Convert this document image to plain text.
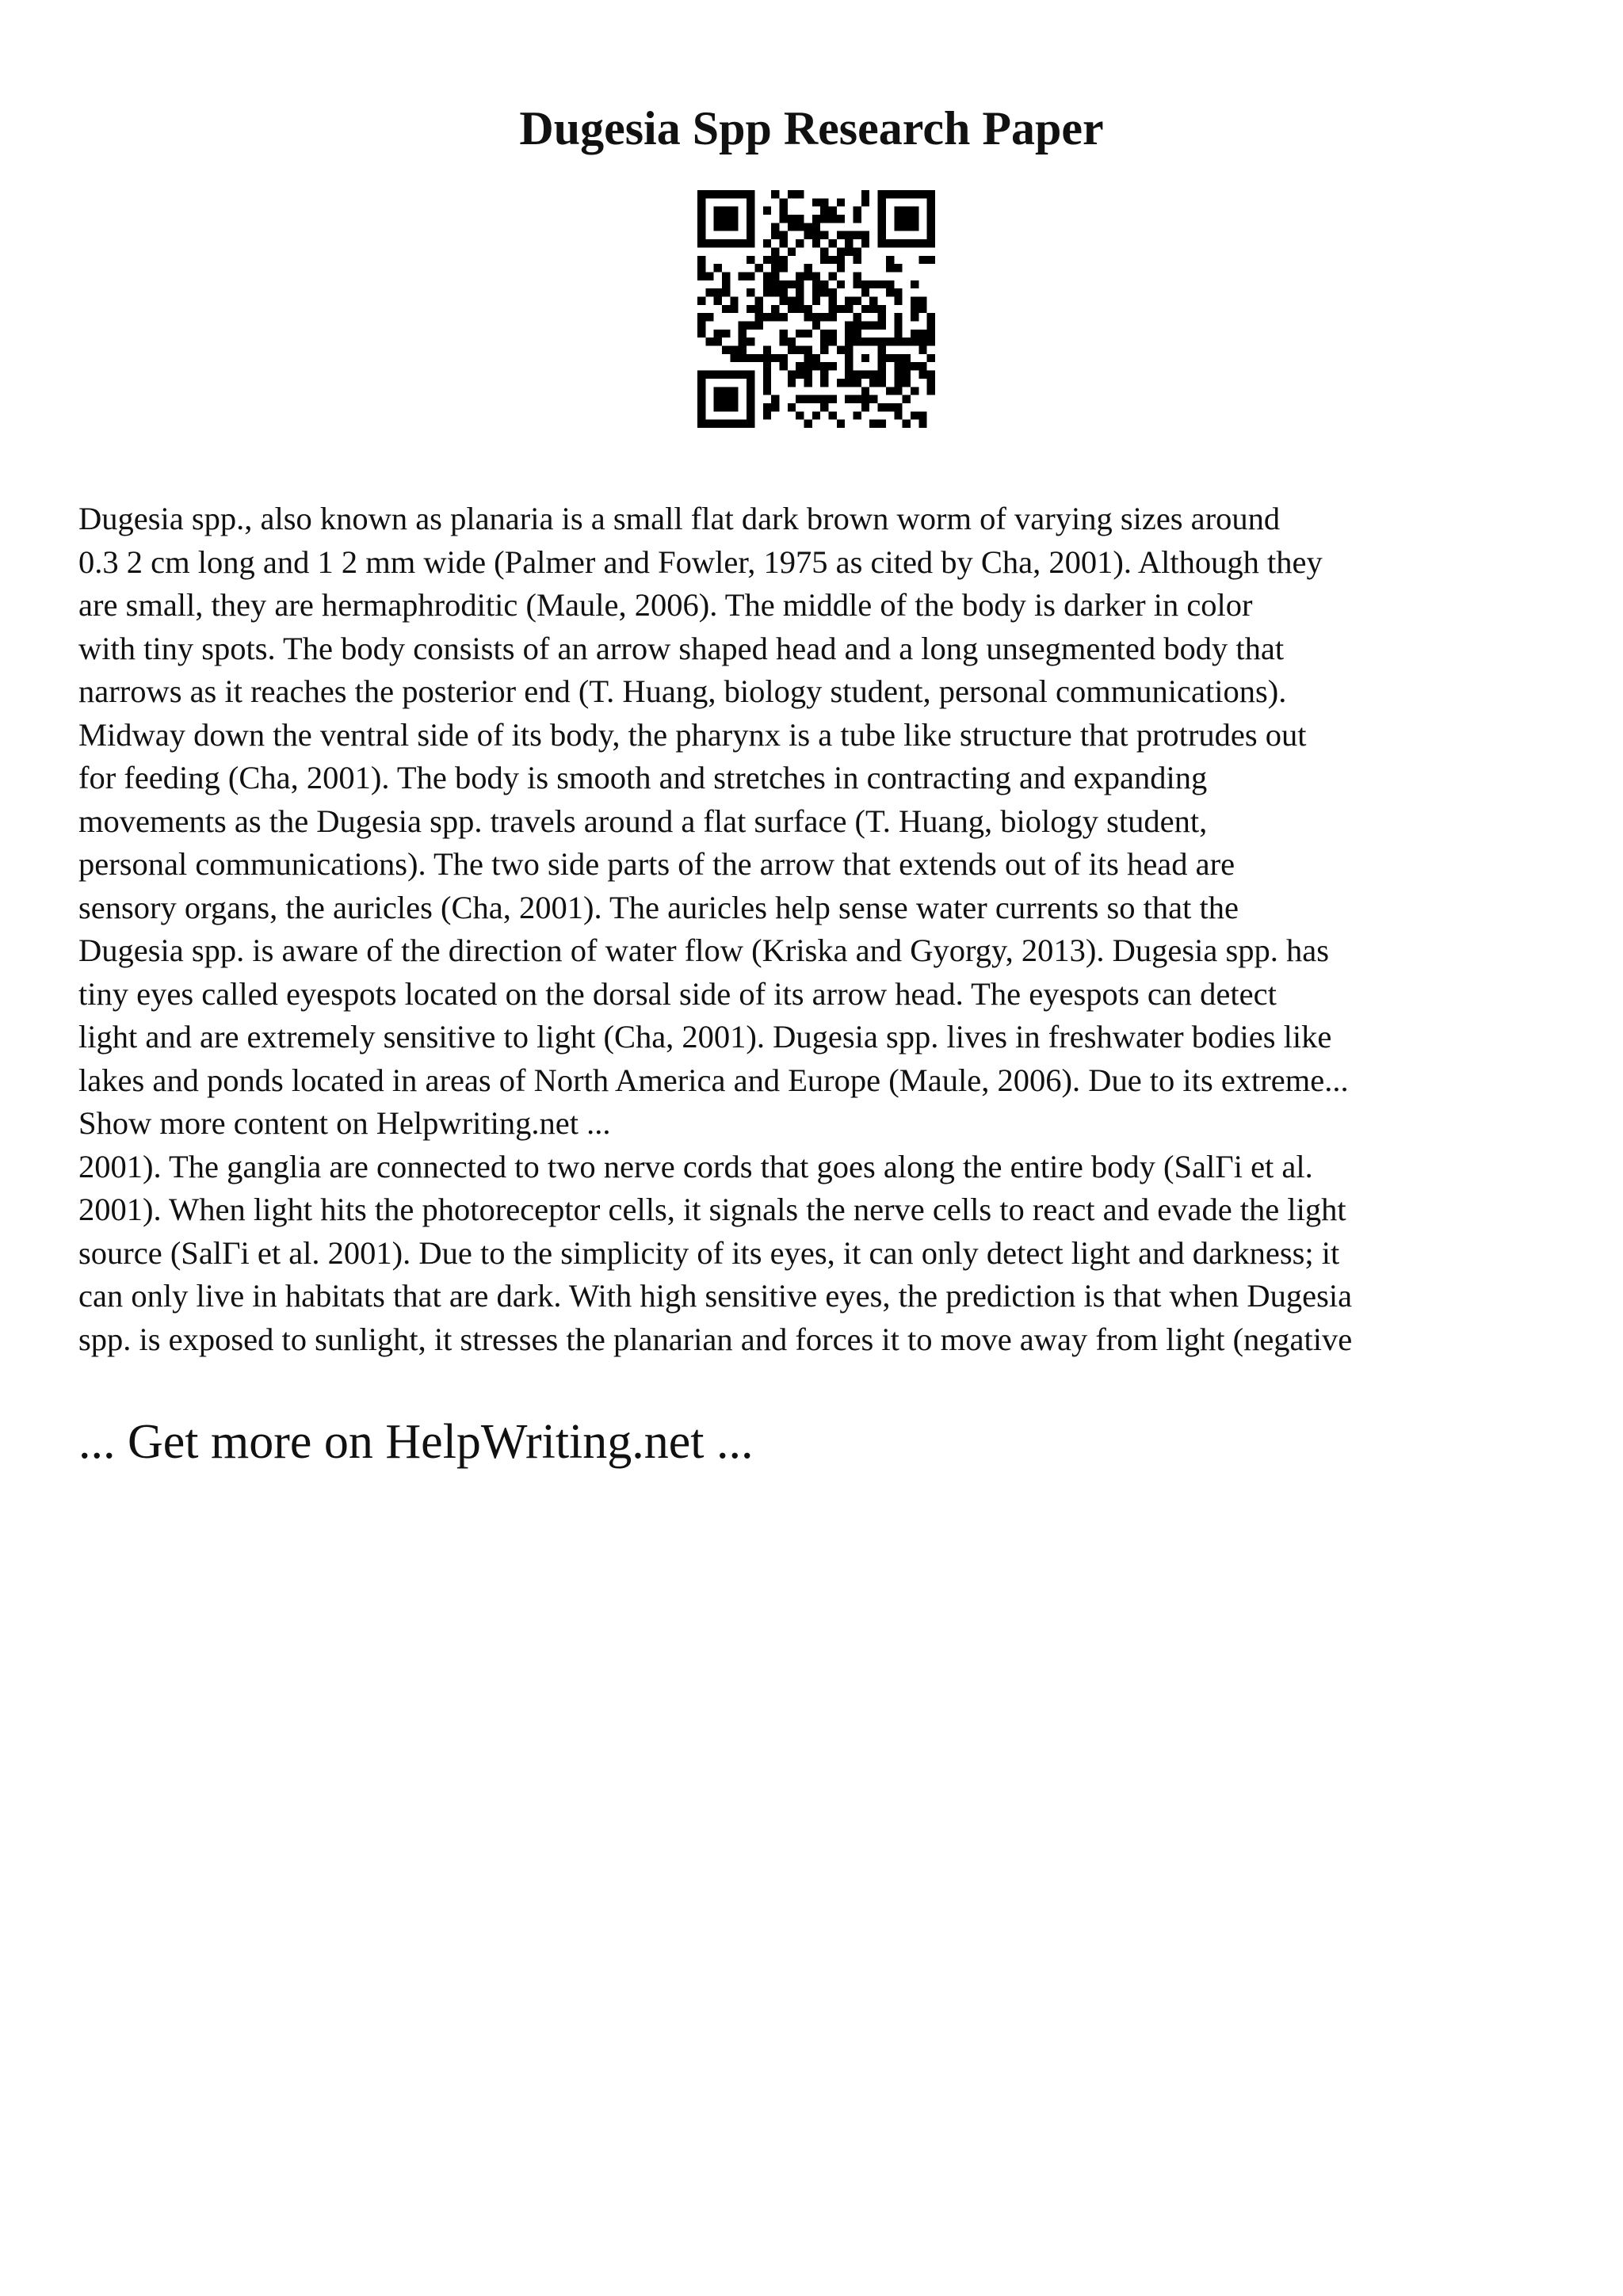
Dugesia Spp Research Paper
Dugesia spp., also known as planaria is a small flat dark brown worm of varying sizes around
0.3 2 cm long and 1 2 mm wide (Palmer and Fowler, 1975 as cited by Cha, 2001). Although they
are small, they are hermaphroditic (Maule, 2006). The middle of the body is darker in color
with tiny spots. The body consists of an arrow shaped head and a long unsegmented body that
narrows as it reaches the posterior end (T. Huang, biology student, personal communications).
Midway down the ventral side of its body, the pharynx is a tube like structure that protrudes out
for feeding (Cha, 2001). The body is smooth and stretches in contracting and expanding
movements as the Dugesia spp. travels around a flat surface (T. Huang, biology student,
personal communications). The two side parts of the arrow that extends out of its head are
sensory organs, the auricles (Cha, 2001). The auricles help sense water currents so that the
Dugesia spp. is aware of the direction of water flow (Kriska and Gyorgy, 2013). Dugesia spp. has
tiny eyes called eyespots located on the dorsal side of its arrow head. The eyespots can detect
light and are extremely sensitive to light (Cha, 2001). Dugesia spp. lives in freshwater bodies like
lakes and ponds located in areas of North America and Europe (Maule, 2006). Due to its extreme...
Show more content on Helpwriting.net ...
2001). The ganglia are connected to two nerve cords that goes along the entire body (SalΓi et al.
2001). When light hits the photoreceptor cells, it signals the nerve cells to react and evade the light
source (SalΓi et al. 2001). Due to the simplicity of its eyes, it can only detect light and darkness; it
can only live in habitats that are dark. With high sensitive eyes, the prediction is that when Dugesia
spp. is exposed to sunlight, it stresses the planarian and forces it to move away from light (negative

... Get more on HelpWriting.net ...
